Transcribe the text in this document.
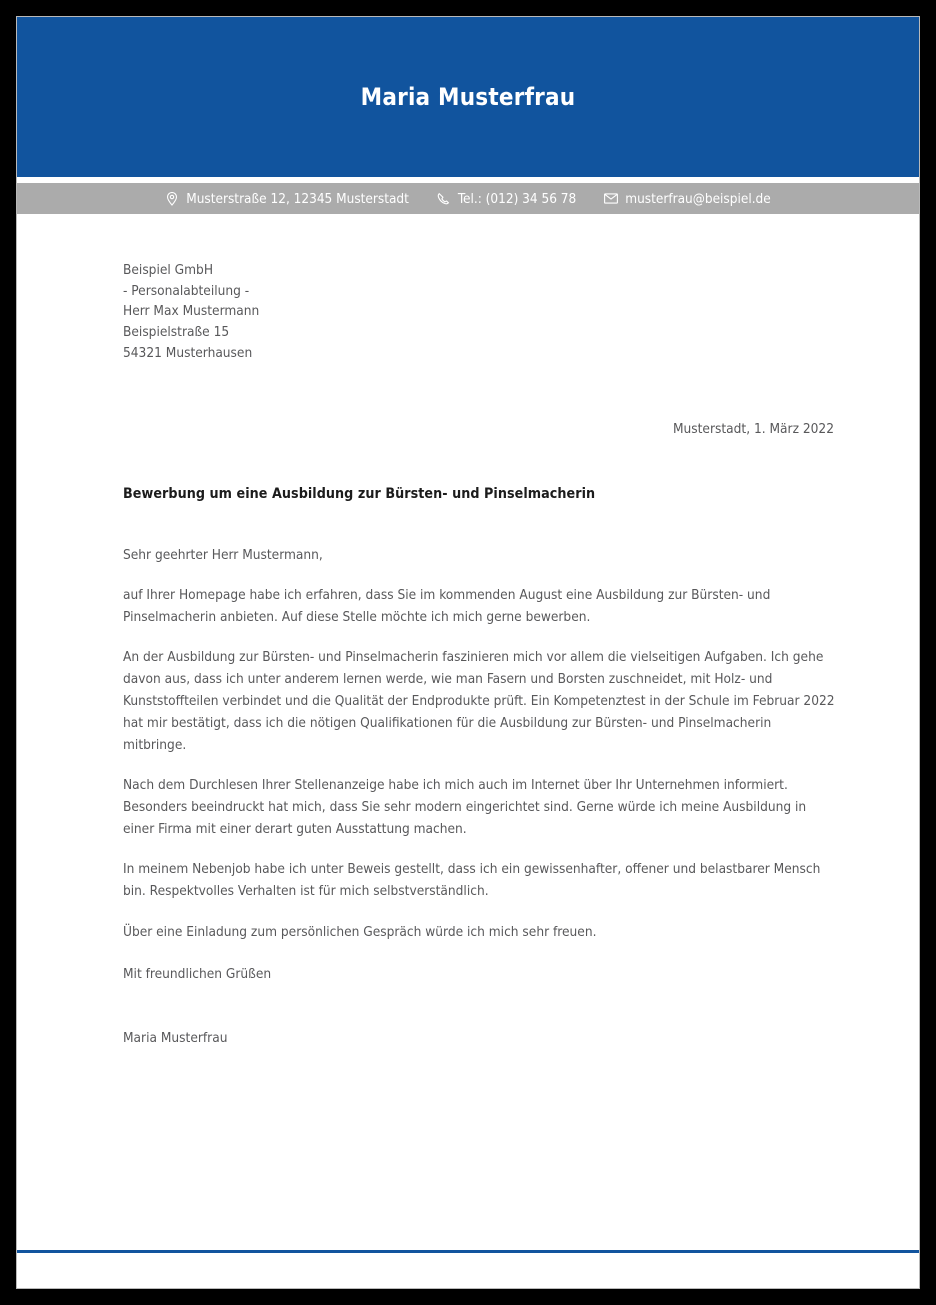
Maria Musterfrau
Musterstraße 12, 12345 Musterstadt	Tel.: (012) 34 56 78	musterfrau@beispiel.de
Beispiel GmbH
- Personalabteilung -
Herr Max Mustermann
Beispielstraße 15
54321 Musterhausen
Musterstadt, 1. März 2022
Bewerbung um eine Ausbildung zur Bürsten- und Pinselmacherin
Sehr geehrter Herr Mustermann,

auf Ihrer Homepage habe ich erfahren, dass Sie im kommenden August eine Ausbildung zur Bürsten- und Pinselmacherin anbieten. Auf diese Stelle möchte ich mich gerne bewerben.

An der Ausbildung zur Bürsten- und Pinselmacherin faszinieren mich vor allem die vielseitigen Aufgaben. Ich gehe davon aus, dass ich unter anderem lernen werde, wie man Fasern und Borsten zuschneidet, mit Holz- und Kunststoffteilen verbindet und die Qualität der Endprodukte prüft. Ein Kompetenztest in der Schule im Februar 2022 hat mir bestätigt, dass ich die nötigen Qualifikationen für die Ausbildung zur Bürsten- und Pinselmacherin mitbringe.

Nach dem Durchlesen Ihrer Stellenanzeige habe ich mich auch im Internet über Ihr Unternehmen informiert. Besonders beeindruckt hat mich, dass Sie sehr modern eingerichtet sind. Gerne würde ich meine Ausbildung in einer Firma mit einer derart guten Ausstattung machen.

In meinem Nebenjob habe ich unter Beweis gestellt, dass ich ein gewissenhafter, offener und belastbarer Mensch bin. Respektvolles Verhalten ist für mich selbstverständlich.

Über eine Einladung zum persönlichen Gespräch würde ich mich sehr freuen.

Mit freundlichen Grüßen
Maria Musterfrau
